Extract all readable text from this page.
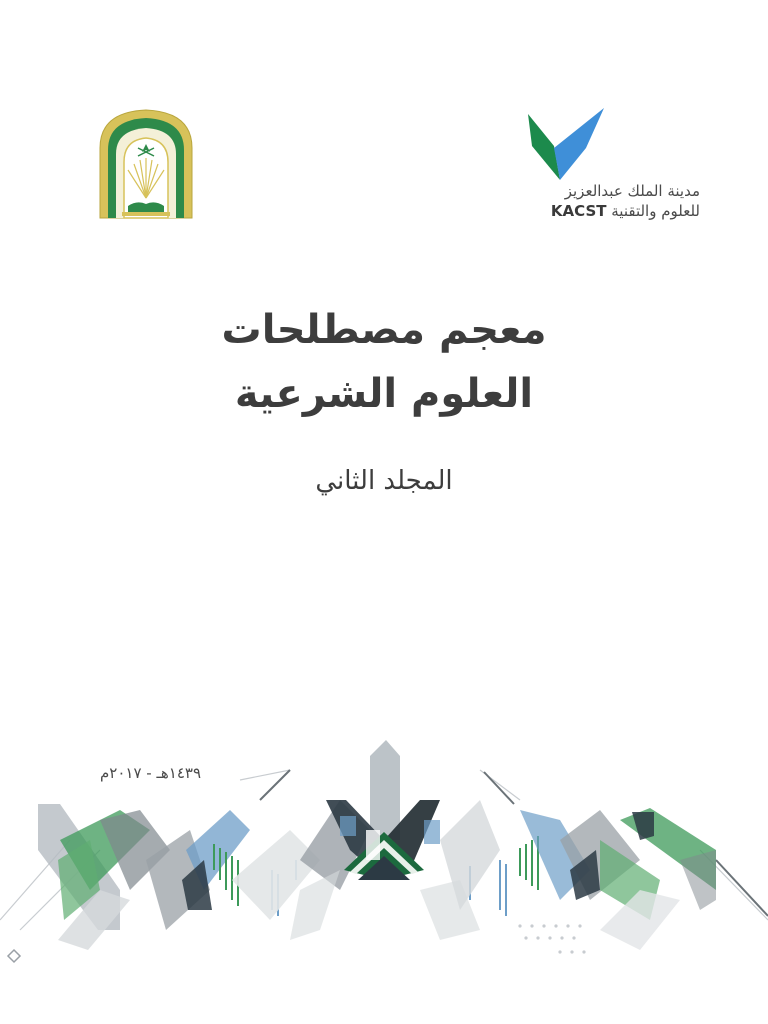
مدينة الملك عبدالعزيز
للعلوم والتقنية KACST
معجم مصطلحات
العلوم الشرعية
المجلد الثاني
١٤٣٩هـ - ٢٠١٧م
